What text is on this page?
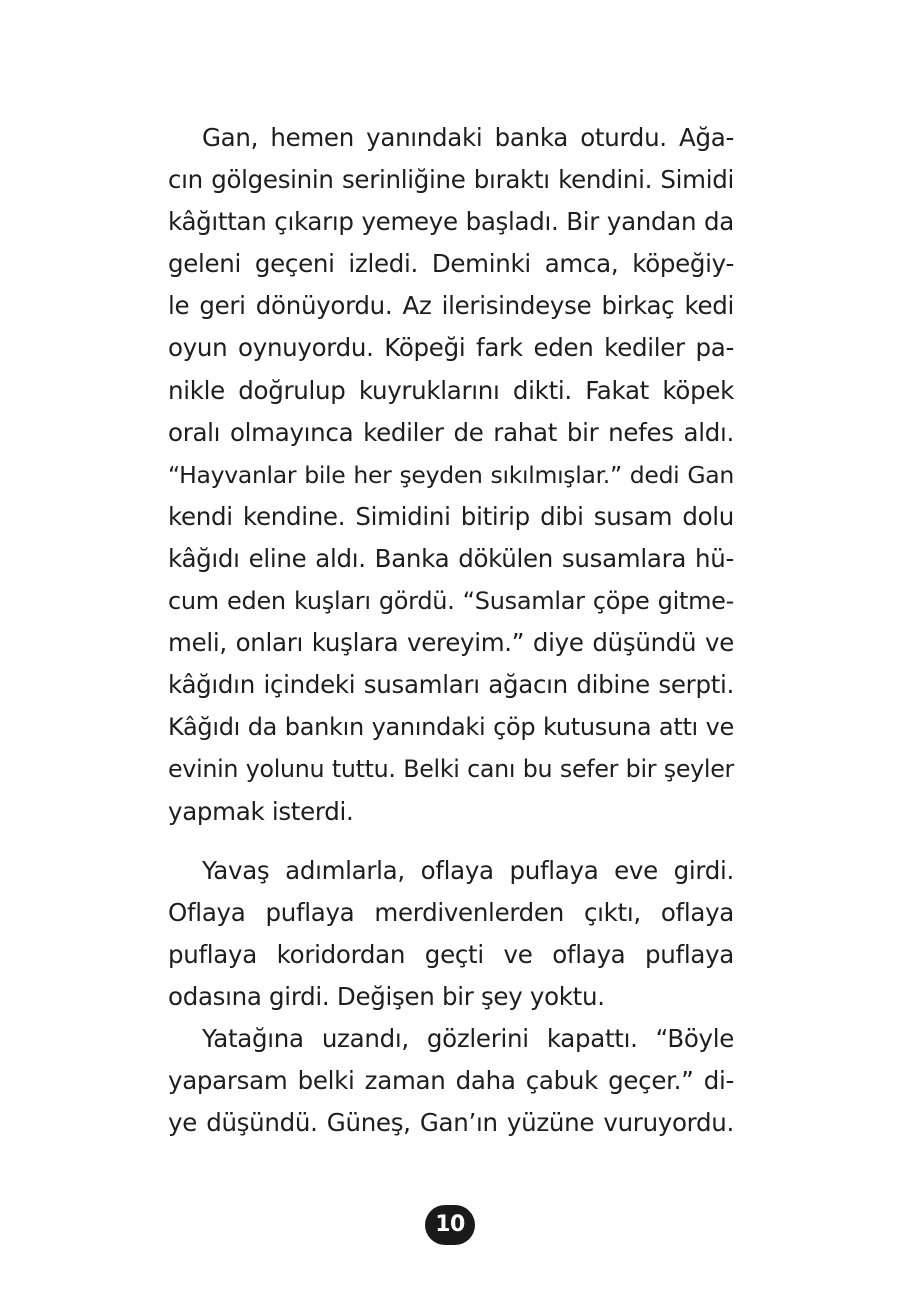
Gan, hemen yanındaki banka oturdu. Ağa-
cın gölgesinin serinliğine bıraktı kendini. Simidi
kâğıttan çıkarıp yemeye başladı. Bir yandan da
geleni geçeni izledi. Deminki amca, köpeğiy-
le geri dönüyordu. Az ilerisindeyse birkaç kedi
oyun oynuyordu. Köpeği fark eden kediler pa-
nikle doğrulup kuyruklarını dikti. Fakat köpek
oralı olmayınca kediler de rahat bir nefes aldı.
“Hayvanlar bile her şeyden sıkılmışlar.” dedi Gan
kendi kendine. Simidini bitirip dibi susam dolu
kâğıdı eline aldı. Banka dökülen susamlara hü-
cum eden kuşları gördü. “Susamlar çöpe gitme-
meli, onları kuşlara vereyim.” diye düşündü ve
kâğıdın içindeki susamları ağacın dibine serpti.
Kâğıdı da bankın yanındaki çöp kutusuna attı ve
evinin yolunu tuttu. Belki canı bu sefer bir şeyler
yapmak isterdi.
Yavaş adımlarla, oflaya puflaya eve girdi.
Oflaya puflaya merdivenlerden çıktı, oflaya
puflaya koridordan geçti ve oflaya puflaya
odasına girdi. Değişen bir şey yoktu.
Yatağına uzandı, gözlerini kapattı. “Böyle
yaparsam belki zaman daha çabuk geçer.” di-
ye düşündü. Güneş, Gan’ın yüzüne vuruyordu.
10
